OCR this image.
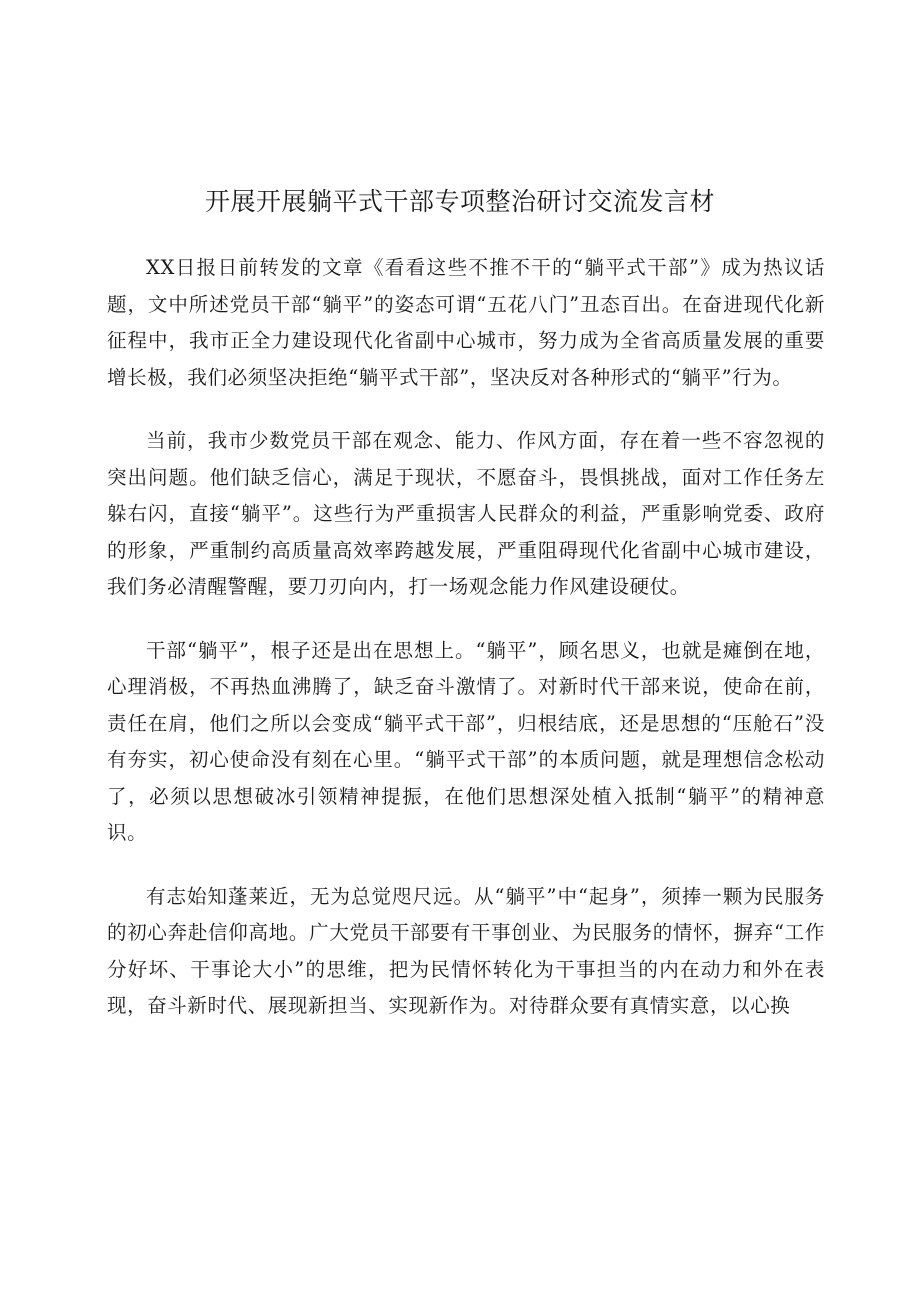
开展开展躺平式干部专项整治研讨交流发言材

XX日报日前转发的文章《看看这些不推不干的“躺平式干部”》成为热议话题，文中所述党员干部“躺平”的姿态可谓“五花八门”丑态百出。在奋进现代化新征程中，我市正全力建设现代化省副中心城市，努力成为全省高质量发展的重要增长极，我们必须坚决拒绝“躺平式干部”，坚决反对各种形式的“躺平”行为。

当前，我市少数党员干部在观念、能力、作风方面，存在着一些不容忽视的突出问题。他们缺乏信心，满足于现状，不愿奋斗，畏惧挑战，面对工作任务左躲右闪，直接“躺平”。这些行为严重损害人民群众的利益，严重影响党委、政府的形象，严重制约高质量高效率跨越发展，严重阻碍现代化省副中心城市建设，我们务必清醒警醒，要刀刃向内，打一场观念能力作风建设硬仗。

干部“躺平”，根子还是出在思想上。“躺平”，顾名思义，也就是瘫倒在地，心理消极，不再热血沸腾了，缺乏奋斗激情了。对新时代干部来说，使命在前，责任在肩，他们之所以会变成“躺平式干部”，归根结底，还是思想的“压舱石”没有夯实，初心使命没有刻在心里。“躺平式干部”的本质问题，就是理想信念松动了，必须以思想破冰引领精神提振，在他们思想深处植入抵制“躺平”的精神意识。

有志始知蓬莱近，无为总觉咫尺远。从“躺平”中“起身”，须捧一颗为民服务的初心奔赴信仰高地。广大党员干部要有干事创业、为民服务的情怀，摒弃“工作分好坏、干事论大小”的思维，把为民情怀转化为干事担当的内在动力和外在表现，奋斗新时代、展现新担当、实现新作为。对待群众要有真情实意，以心换
